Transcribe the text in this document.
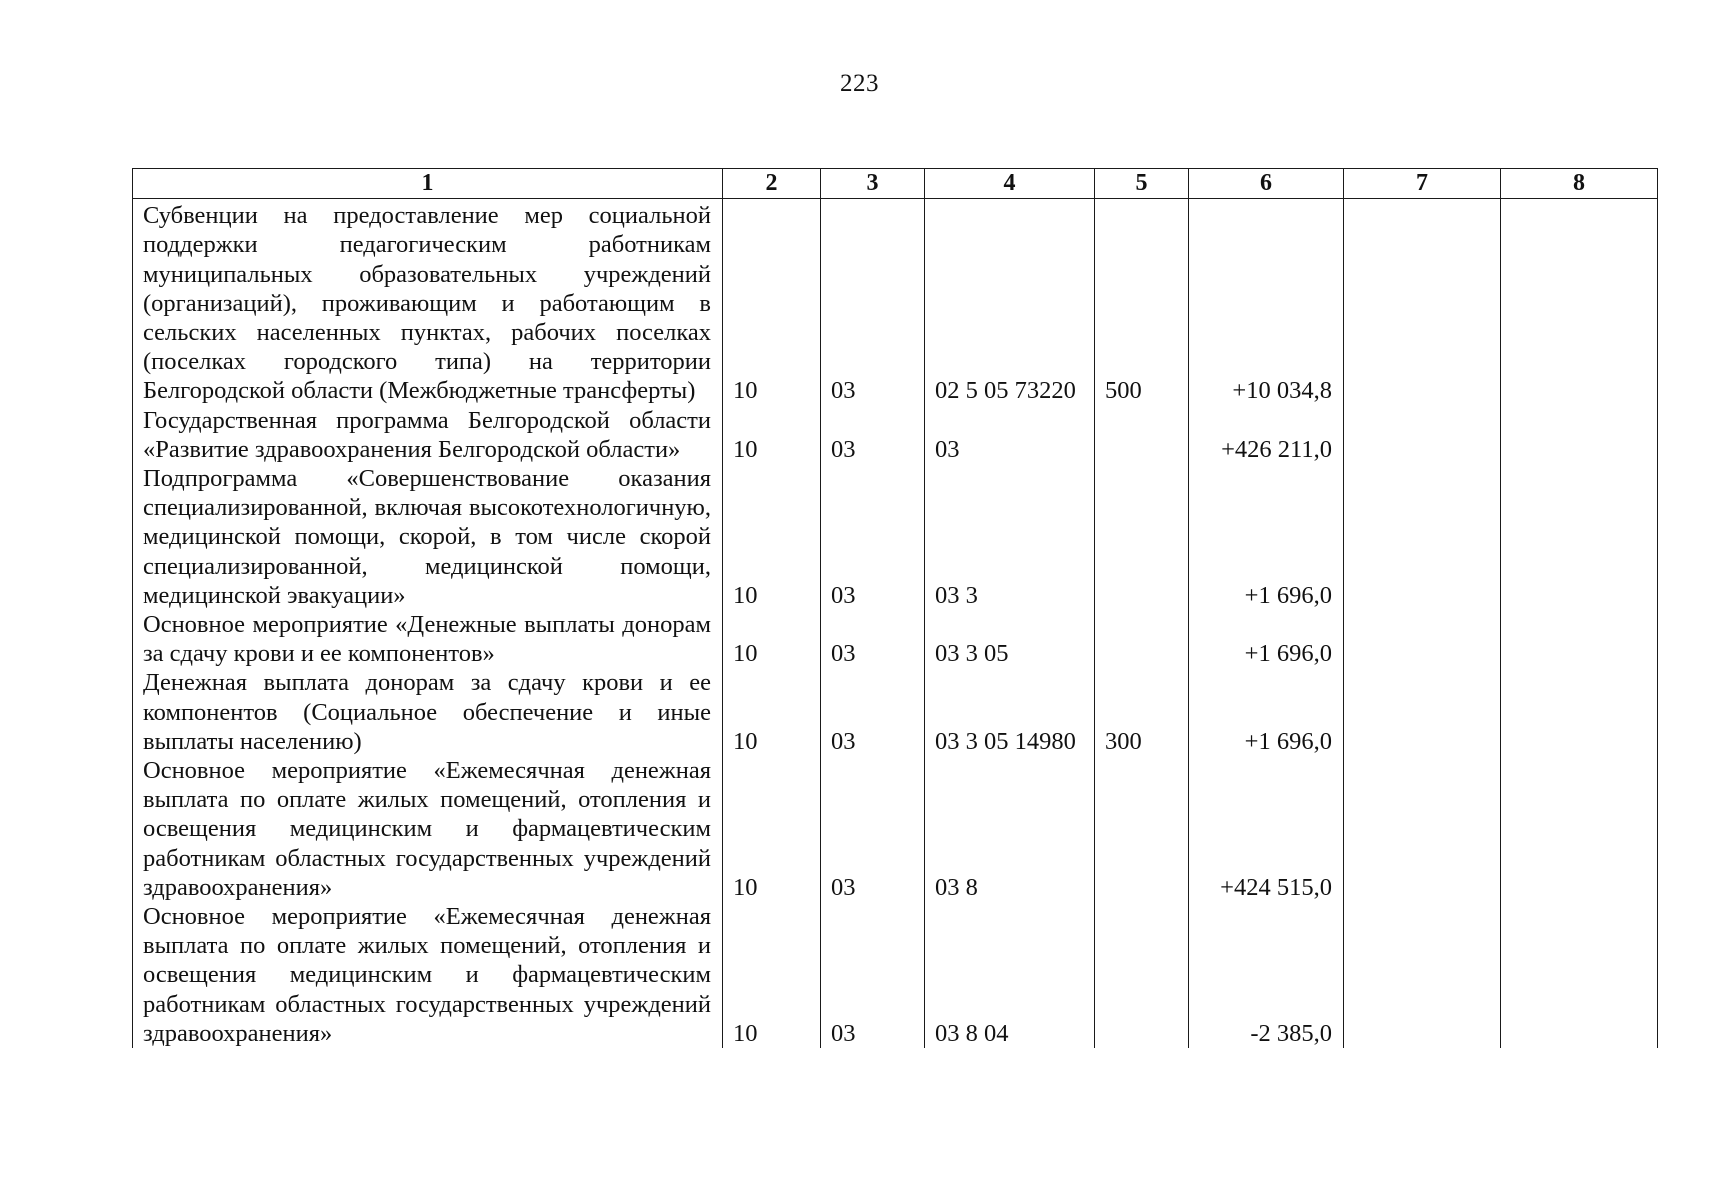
223
1	2	3	4	5	6	7	8
Субвенции на предоставление мер социальной поддержки педагогическим работникам муниципальных образовательных учреждений (организаций), проживающим и работающим в сельских населенных пунктах, рабочих поселках (поселках городского типа) на территории Белгородской области (Межбюджетные трансферты)	10	03	02 5 05 73220	500	+10 034,8		
Государственная программа Белгородской области «Развитие здравоохранения Белгородской области»	10	03	03		+426 211,0		
Подпрограмма «Совершенствование оказания специализированной, включая высокотехнологичную, медицинской помощи, скорой, в том числе скорой специализированной, медицинской помощи, медицинской эвакуации»	10	03	03 3		+1 696,0		
Основное мероприятие «Денежные выплаты донорам за сдачу крови и ее компонентов»	10	03	03 3 05		+1 696,0		
Денежная выплата донорам за сдачу крови и ее компонентов (Социальное обеспечение и иные выплаты населению)	10	03	03 3 05 14980	300	+1 696,0		
Основное мероприятие «Ежемесячная денежная выплата по оплате жилых помещений, отопления и освещения медицинским и фармацевтическим работникам областных государственных учреждений здравоохранения»	10	03	03 8		+424 515,0		
Основное мероприятие «Ежемесячная денежная выплата по оплате жилых помещений, отопления и освещения медицинским и фармацевтическим работникам областных государственных учреждений здравоохранения»	10	03	03 8 04		-2 385,0		
